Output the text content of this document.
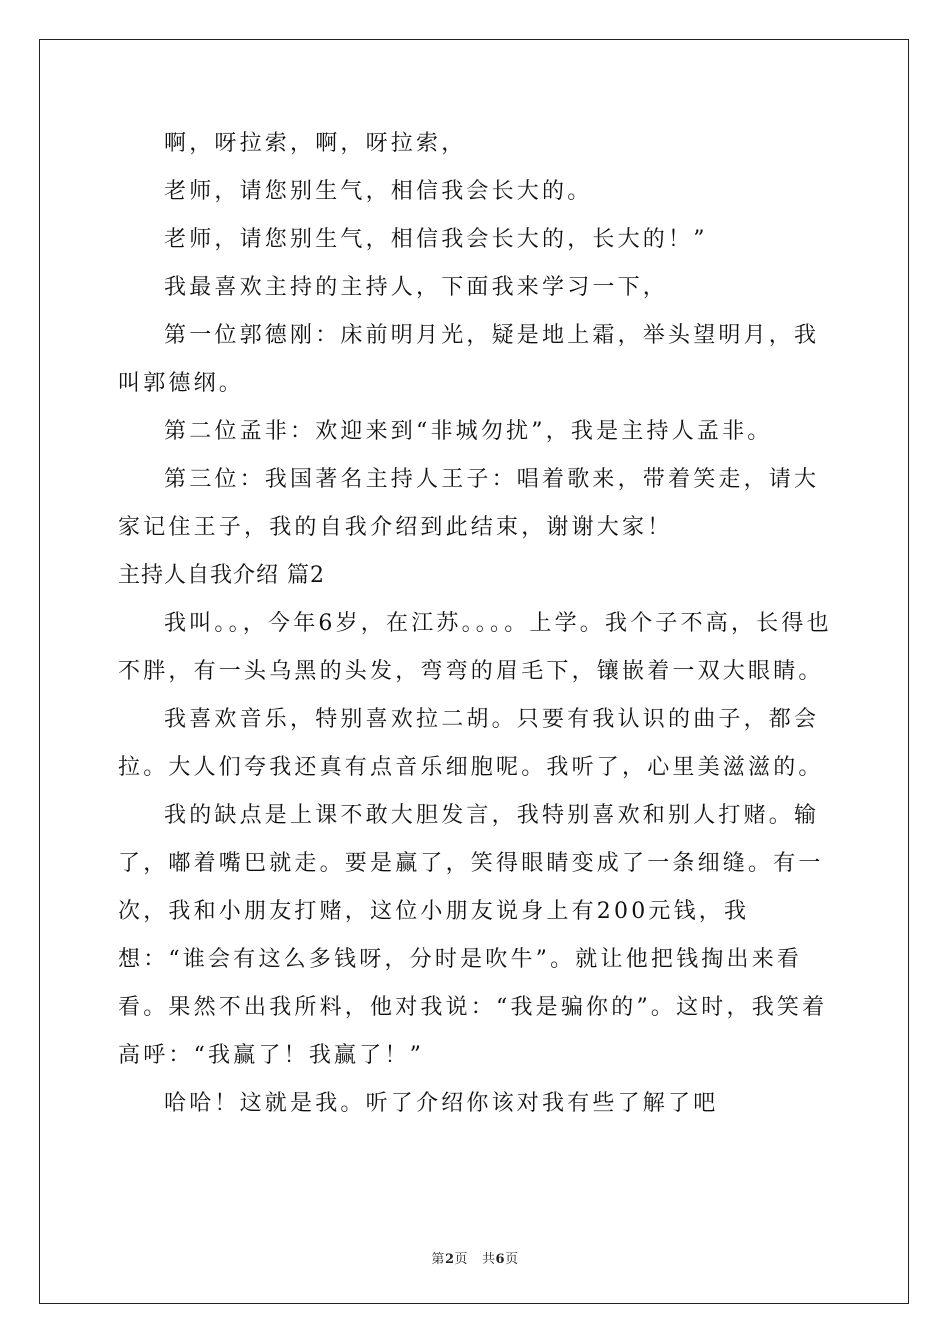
啊，呀拉索，啊，呀拉索，

老师，请您别生气，相信我会长大的。

老师，请您别生气，相信我会长大的，长大的！”

我最喜欢主持的主持人，下面我来学习一下，

第一位郭德刚：床前明月光，疑是地上霜，举头望明月，我叫郭德纲。

第二位孟非：欢迎来到“非城勿扰”，我是主持人孟非。

第三位：我国著名主持人王子：唱着歌来，带着笑走，请大家记住王子，我的自我介绍到此结束，谢谢大家！

主持人自我介绍 篇2

我叫。。，今年6岁，在江苏。。。。上学。我个子不高，长得也不胖，有一头乌黑的头发，弯弯的眉毛下，镶嵌着一双大眼睛。

我喜欢音乐，特别喜欢拉二胡。只要有我认识的曲子，都会拉。大人们夸我还真有点音乐细胞呢。我听了，心里美滋滋的。

我的缺点是上课不敢大胆发言，我特别喜欢和别人打赌。输了，嘟着嘴巴就走。要是赢了，笑得眼睛变成了一条细缝。有一次，我和小朋友打赌，这位小朋友说身上有200元钱，我想：“谁会有这么多钱呀，分时是吹牛”。就让他把钱掏出来看看。果然不出我所料，他对我说：“我是骗你的”。这时，我笑着高呼：“我赢了！我赢了！”

哈哈！这就是我。听了介绍你该对我有些了解了吧

第2页 共6页
